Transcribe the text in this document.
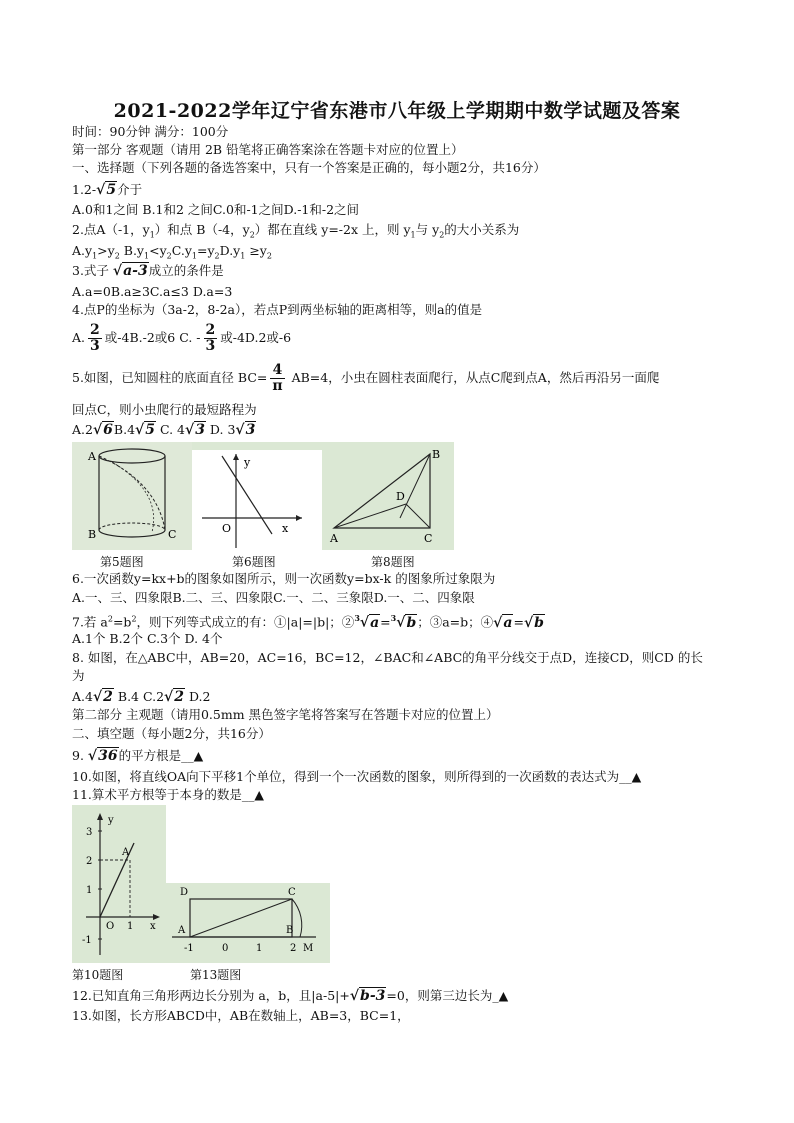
2021-2022学年辽宁省东港市八年级上学期期中数学试题及答案
时间：90分钟 满分：100分
第一部分 客观题（请用 2B 铅笔将正确答案涂在答题卡对应的位置上）
一、选择题（下列各题的备选答案中，只有一个答案是正确的，每小题2分，共16分）
1.2-√5介于
A.0和1之间 B.1和2 之间C.0和-1之间D.-1和-2之间
2.点A（-1，$y_1$）和点 B（-4，$y_2$）都在直线 y=-2x 上，则 $y_1$与 $y_2$的大小关系为
$A.y_1>y_2$ $B.y_1<y_2C.y_1=y_2D.y_1 \ge y_2$
3.式子 √a-3成立的条件是
A.a=0B.a≥3C.a≤3 D.a=3
4.点P的坐标为（3a-2，8-2a），若点P到两坐标轴的距离相等，则a的值是
A. $\frac{2}{3}$ 或-4B.-2或6 C. - $\frac{2}{3}$ 或-4D.2或-6
5.如图，已知圆柱的底面直径 $BC= \frac{4}{\pi} AB=4$，小虫在圆柱表面爬行，从点C爬到点A，然后再沿另一面爬
回点C，则小虫爬行的最短路程为
A.2√6B.4√5 C. 4√3 D. 3√3
A
B	C
y
O	x
A
B
C
D
第5题图	第6题图	第8题图
6.一次函数y=kx+b的图象如图所示，则一次函数y=bx-k 的图象所过象限为
A.一、三、四象限B.二、三、四象限C.一、二、三象限D.一、二、四象限
7.若 $a^2=b^2$，则下列等式成立的有：①|a|=|b|；②$^3$√a=$^3$√b；③a=b；④√a=√b
A.1个 B.2个 C.3个 D. 4个
8. 如图，在△ABC中，AB=20，AC=16，BC=12，∠BAC和∠ABC的角平分线交于点D，连接CD，则CD 的长
为
A.4√2 B.4 C.2√2 D.2
第二部分 主观题（请用0.5mm 黑色签字笔将答案写在答题卡对应的位置上）
二、填空题（每小题2分，共16分）
9. √36的平方根是__▲
10.如图，将直线OA向下平移1个单位，得到一个一次函数的图象，则所得到的一次函数的表达式为__▲
11.算术平方根等于本身的数是__▲
y
3
2
1
-1
O 1 x
A
D	C
A	B
M
-1	0	1	2
第10题图	第13题图
12.已知直角三角形两边长分别为 a，b，且|a-5|+√b-3=0，则第三边长为_▲
13.如图，长方形ABCD中，AB在数轴上，AB=3，BC=1，
